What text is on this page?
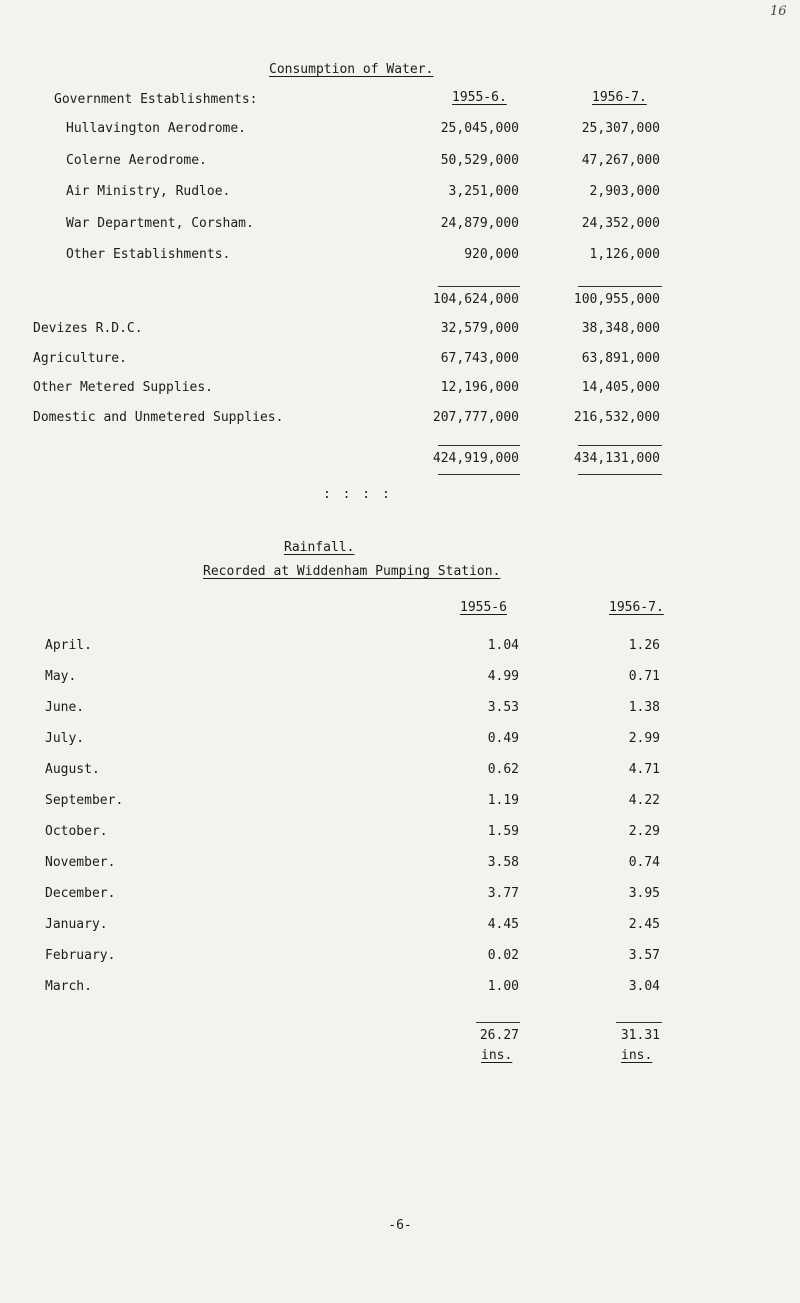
16
Consumption of Water.
Government Establishments:	1955-6.	1956-7.
Hullavington Aerodrome.	25,045,000	25,307,000
Colerne Aerodrome.	50,529,000	47,267,000
Air Ministry, Rudloe.	3,251,000	2,903,000
War Department, Corsham.	24,879,000	24,352,000
Other Establishments.	920,000	1,126,000
104,624,000	100,955,000
Devizes R.D.C.	32,579,000	38,348,000
Agriculture.	67,743,000	63,891,000
Other Metered Supplies.	12,196,000	14,405,000
Domestic and Unmetered Supplies.	207,777,000	216,532,000
424,919,000	434,131,000
: : : :
Rainfall.
Recorded at Widdenham Pumping Station.
1955-6	1956-7.
April.	1.04	1.26
May.	4.99	0.71
June.	3.53	1.38
July.	0.49	2.99
August.	0.62	4.71
September.	1.19	4.22
October.	1.59	2.29
November.	3.58	0.74
December.	3.77	3.95
January.	4.45	2.45
February.	0.02	3.57
March.	1.00	3.04
26.27	31.31
ins.	ins.
-6-
